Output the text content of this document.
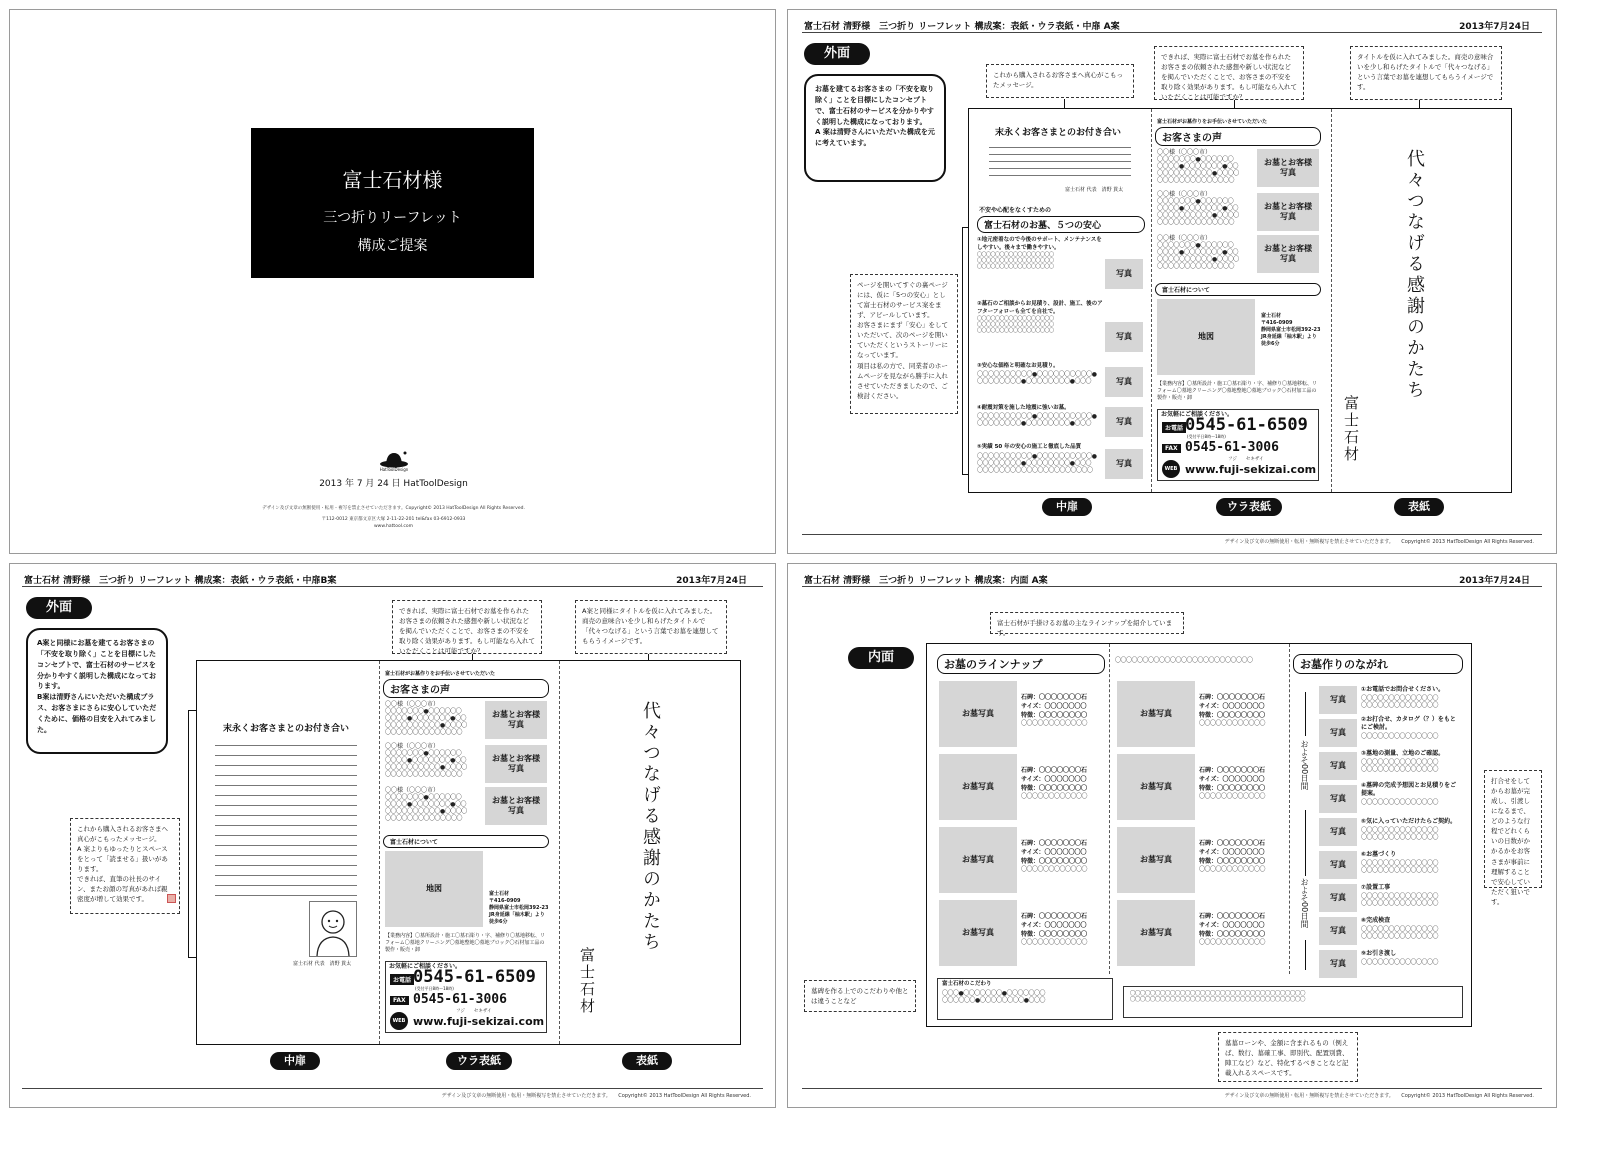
富士石材様
三つ折りリーフレット
構成ご提案
HatToolDesign
2013 年 7 月 24 日 HatToolDesign
デザイン及び文章の無断使用・転用・複写を禁止させていただきます。Copyright© 2013 HatToolDesign All Rights Reserved.
〒112-0012 東京都文京区大塚 2-11-22-201 tel&fax 03-6912-0933
www.hattool.com
富士石材 清野様　三つ折り リーフレット 構成案：表紙・ウラ表紙・中扉 A案	2013年7月24日
外面
お墓を建てるお客さまの「不安を取り除く」ことを目標にしたコンセプトで、富士石材のサービスを分かりやすく説明した構成になっております。
A 案は清野さんにいただいた構成を元に考えています。
これから購入されるお客さまへ真心がこもったメッセージ。
できれば、実際に富士石材でお墓を作られたお客さまの依頼された感想や新しい状況などを掲んでいただくことで、お客さまの不安を取り除く効果があります。もし可能なら入れていただくことは可能ですか？
タイトルを仮に入れてみました。商売の意味合いを少し和らげたタイトルで「代々つなげる」という言葉でお墓を連想してもらうイメージです。
ページを開いてすぐの裏ページには、仮に「5つの安心」として富士石材のサービス案をまず、アピールしています。
お客さまにまず「安心」をしていただいて、次のページを開いていただくというストーリーになっています。
項目は私の方で、同業者のホームページを見ながら勝手に入れさせていただきましたので、ご検討ください。
末永くお客さまとのお付き合い
富士石材 代表　清野 貫太
不安や心配をなくすための
富士石材のお墓、５つの安心
①地元密着なので今後のサポート、メンテナンスをしやすい。後々まで働きやすい。
〇〇〇〇〇〇〇〇〇〇〇〇〇〇〇〇〇
〇〇〇〇〇〇〇〇〇〇〇〇〇〇〇〇〇
〇〇〇〇〇〇〇〇〇〇〇〇〇〇〇〇〇
写真
②墓石のご相談からお見積り、設計、施工、後のアフターフォローも全てを自社で。
〇〇〇〇〇〇〇〇〇〇〇〇〇〇〇〇〇
〇〇〇〇〇〇〇〇〇〇〇〇〇〇〇〇〇
〇〇〇〇〇〇〇〇〇〇〇〇〇〇〇〇〇
写真
③安心な価格と明確なお見積り。
〇〇〇〇〇〇〇〇〇〇●〇〇〇〇〇〇〇〇〇〇●
〇〇〇〇〇〇〇〇●〇〇〇〇〇〇〇〇●〇〇〇	写真
④耐震対策を施した地震に強いお墓。
〇〇〇〇〇〇〇〇〇〇●〇〇〇〇〇〇〇〇〇〇●
〇〇〇〇〇〇〇〇●〇〇〇〇〇〇〇〇●〇〇〇	写真
⑤実績 50 年の安心の施工と徹底した品質
〇〇〇〇〇〇〇〇〇〇●〇〇〇〇〇〇〇〇〇〇●
〇〇〇〇〇〇〇〇●〇〇〇〇〇〇〇〇●〇〇〇
〇〇〇〇〇〇〇〇〇〇〇〇〇〇〇〇〇〇〇〇〇
写真
富士石材がお墓作りをお手伝いさせていただいた
お客さまの声
〇〇様（〇〇〇市）
〇〇〇〇〇〇〇●〇〇〇〇〇〇
〇〇〇〇●〇〇〇〇〇〇〇●〇〇
〇〇〇〇〇〇〇〇〇〇●〇〇〇〇
〇〇〇〇〇〇〇〇〇〇〇〇〇〇
お墓とお客様
写真
〇〇様（〇〇〇市）
〇〇〇〇〇〇〇●〇〇〇〇〇〇
〇〇〇〇●〇〇〇〇〇〇〇●〇〇
〇〇〇〇〇〇〇〇〇〇●〇〇〇〇
〇〇〇〇〇〇〇〇〇〇〇〇〇〇
お墓とお客様
写真
〇〇様（〇〇〇市）
〇〇〇〇〇〇〇●〇〇〇〇〇〇
〇〇〇〇●〇〇〇〇〇〇〇●〇〇
〇〇〇〇〇〇〇〇〇〇●〇〇〇〇
〇〇〇〇〇〇〇〇〇〇〇〇〇〇
お墓とお客様
写真
富士石材について
地図
富士石材
〒416-0909
静岡県富士市松岡392-23
JR身延線「柚木駅」より
徒歩6分
【業務内容】〇墓所設計・施工〇墓石彫り・字、補修り〇墓地移転、リフォーム〇墓地クリーニング〇墓地整地〇墓地ブロック〇石材加工品の製作・販売・卸
お気軽にご相談ください。
お電話 0545-61-6509
(受付平日8時～18時)
FAX 0545-61-3006
WEB
フジ　　セキザイ
www.fuji-sekizai.com
代々つなげる感謝のかたち
富士石材
中扉	ウラ表紙	表紙
デザイン及び文章の無断使用・転用・無断複写を禁止させていただきます。　　Copyright© 2013 HatToolDesign All Rights Reserved.
富士石材 清野様　三つ折り リーフレット 構成案：表紙・ウラ表紙・中扉B案	2013年7月24日
外面
A案と同様にお墓を建てるお客さまの「不安を取り除く」ことを目標にしたコンセプトで、富士石材のサービスを分かりやすく説明した構成になっております。
B案は清野さんにいただいた構成プラス、お客さまにさらに安心していただくために、価格の目安を入れてみました。
できれば、実際に富士石材でお墓を作られたお客さまの依頼された感想や新しい状況などを掲んでいただくことで、お客さまの不安を取り除く効果があります。もし可能なら入れていただくことは可能ですか？
A案と同様にタイトルを仮に入れてみました。商売の意味合いを少し和らげたタイトルで「代々つなげる」という言葉でお墓を連想してもらうイメージです。
これから購入されるお客さまへ真心がこもったメッセージ。
A 案よりもゆったりとスペースをとって「読ませる」扱いがあります。
できれば、直筆の社長のサイン、またお顔の写真があれば親密度が増して効果です。
末永くお客さまとのお付き合い
富士石材 代表　清野 貫太
富士石材がお墓作りをお手伝いさせていただいた
お客さまの声
〇〇様（〇〇〇市）
〇〇〇〇〇〇〇●〇〇〇〇〇〇
〇〇〇〇●〇〇〇〇〇〇〇●〇〇
〇〇〇〇〇〇〇〇〇〇●〇〇〇〇
〇〇〇〇〇〇〇〇〇〇〇〇〇〇
お墓とお客様
写真
〇〇様（〇〇〇市）
〇〇〇〇〇〇〇●〇〇〇〇〇〇
〇〇〇〇●〇〇〇〇〇〇〇●〇〇
〇〇〇〇〇〇〇〇〇〇●〇〇〇〇
〇〇〇〇〇〇〇〇〇〇〇〇〇〇
お墓とお客様
写真
〇〇様（〇〇〇市）
〇〇〇〇〇〇〇●〇〇〇〇〇〇
〇〇〇〇●〇〇〇〇〇〇〇●〇〇
〇〇〇〇〇〇〇〇〇〇●〇〇〇〇
〇〇〇〇〇〇〇〇〇〇〇〇〇〇
お墓とお客様
写真
富士石材について
地図
富士石材
〒416-0909
静岡県富士市松岡392-23
JR身延線「柚木駅」より
徒歩6分
【業務内容】〇墓所設計・施工〇墓石彫り・字、補修り〇墓地移転、リフォーム〇墓地クリーニング〇墓地整地〇墓地ブロック〇石材加工品の製作・販売・卸
お気軽にご相談ください。
お電話 0545-61-6509
(受付平日8時～18時)
FAX 0545-61-3006
WEB
フジ　　セキザイ
www.fuji-sekizai.com
代々つなげる感謝のかたち
富士石材
中扉	ウラ表紙	表紙
デザイン及び文章の無断使用・転用・無断複写を禁止させていただきます。　　Copyright© 2013 HatToolDesign All Rights Reserved.
富士石材 清野様　三つ折り リーフレット 構成案：内面 A案	2013年7月24日
内面
富士石材が手掛けるお墓の主なラインナップを紹介しています。
墓碑を作る上でのこだわりや他とは違うことなど
打合せをしてからお墓が完成し、引渡しになるまで、どのような行程でどれくらいの日数がかかるかをお客さまが事前に理解することで安心していただく狙いです。
墓墓ローンや、金額に含まれるもの（例えば、数行、墓確工事、即別代、配置別費、陣工など）など、特化するべきことなど記載入れるスペースです。
お墓のラインナップ	〇〇〇〇〇〇〇〇〇〇〇〇〇〇〇〇〇〇〇〇〇〇〇〇〇	お墓作りのながれ
お墓写真
石碑：〇〇〇〇〇〇〇石
サイズ：〇〇〇〇〇〇〇
特徴：〇〇〇〇〇〇〇〇
〇〇〇〇〇〇〇〇〇〇〇〇
お墓写真
石碑：〇〇〇〇〇〇〇石
サイズ：〇〇〇〇〇〇〇
特徴：〇〇〇〇〇〇〇〇
〇〇〇〇〇〇〇〇〇〇〇〇
お墓写真
石碑：〇〇〇〇〇〇〇石
サイズ：〇〇〇〇〇〇〇
特徴：〇〇〇〇〇〇〇〇
〇〇〇〇〇〇〇〇〇〇〇〇
お墓写真
石碑：〇〇〇〇〇〇〇石
サイズ：〇〇〇〇〇〇〇
特徴：〇〇〇〇〇〇〇〇
〇〇〇〇〇〇〇〇〇〇〇〇
お墓写真
石碑：〇〇〇〇〇〇〇石
サイズ：〇〇〇〇〇〇〇
特徴：〇〇〇〇〇〇〇〇
〇〇〇〇〇〇〇〇〇〇〇〇
お墓写真
石碑：〇〇〇〇〇〇〇石
サイズ：〇〇〇〇〇〇〇
特徴：〇〇〇〇〇〇〇〇
〇〇〇〇〇〇〇〇〇〇〇〇
お墓写真
石碑：〇〇〇〇〇〇〇石
サイズ：〇〇〇〇〇〇〇
特徴：〇〇〇〇〇〇〇〇
〇〇〇〇〇〇〇〇〇〇〇〇
お墓写真
石碑：〇〇〇〇〇〇〇石
サイズ：〇〇〇〇〇〇〇
特徴：〇〇〇〇〇〇〇〇
〇〇〇〇〇〇〇〇〇〇〇〇
富士石材のこだわり
〇〇〇●〇〇〇〇〇〇〇●〇〇〇〇〇〇〇
〇〇〇〇〇〇●〇〇〇〇〇〇〇〇●〇〇〇
〇〇〇〇〇〇〇〇〇〇〇〇〇〇〇〇〇〇〇〇〇〇〇〇〇〇〇〇〇〇〇〇〇〇〇
〇〇〇〇〇〇〇〇〇〇〇〇〇〇〇〇〇〇〇〇〇〇〇〇〇〇〇〇〇〇〇〇〇〇〇
およそ00日間
およそ00日間
写真
①お電話でお問合せください。
〇〇〇〇〇〇〇〇〇〇〇〇〇〇
〇〇〇〇〇〇〇〇〇〇〇〇〇〇
写真
②お打合せ、カタログ（？）をもとにご検討。
〇〇〇〇〇〇〇〇〇〇〇〇〇〇
写真
③墓地の測量、立地のご確認。
〇〇〇〇〇〇〇〇〇〇〇〇〇〇
〇〇〇〇〇〇〇〇〇〇〇〇〇〇
写真
④墓碑の完成予想図とお見積りをご提案。
〇〇〇〇〇〇〇〇〇〇〇〇〇〇
写真
⑤気に入っていただけたらご契約。
〇〇〇〇〇〇〇〇〇〇〇〇〇〇
〇〇〇〇〇〇〇〇〇〇〇〇〇〇
写真
⑥お墓づくり
〇〇〇〇〇〇〇〇〇〇〇〇〇〇
〇〇〇〇〇〇〇〇〇〇〇〇〇〇
写真
⑦設置工事
〇〇〇〇〇〇〇〇〇〇〇〇〇〇
〇〇〇〇〇〇〇〇〇〇〇〇〇〇
写真
⑧完成検査
〇〇〇〇〇〇〇〇〇〇〇〇〇〇
〇〇〇〇〇〇〇〇〇〇〇〇〇〇
写真
⑨お引き渡し
〇〇〇〇〇〇〇〇〇〇〇〇〇〇
デザイン及び文章の無断使用・転用・無断複写を禁止させていただきます。　　Copyright© 2013 HatToolDesign All Rights Reserved.
